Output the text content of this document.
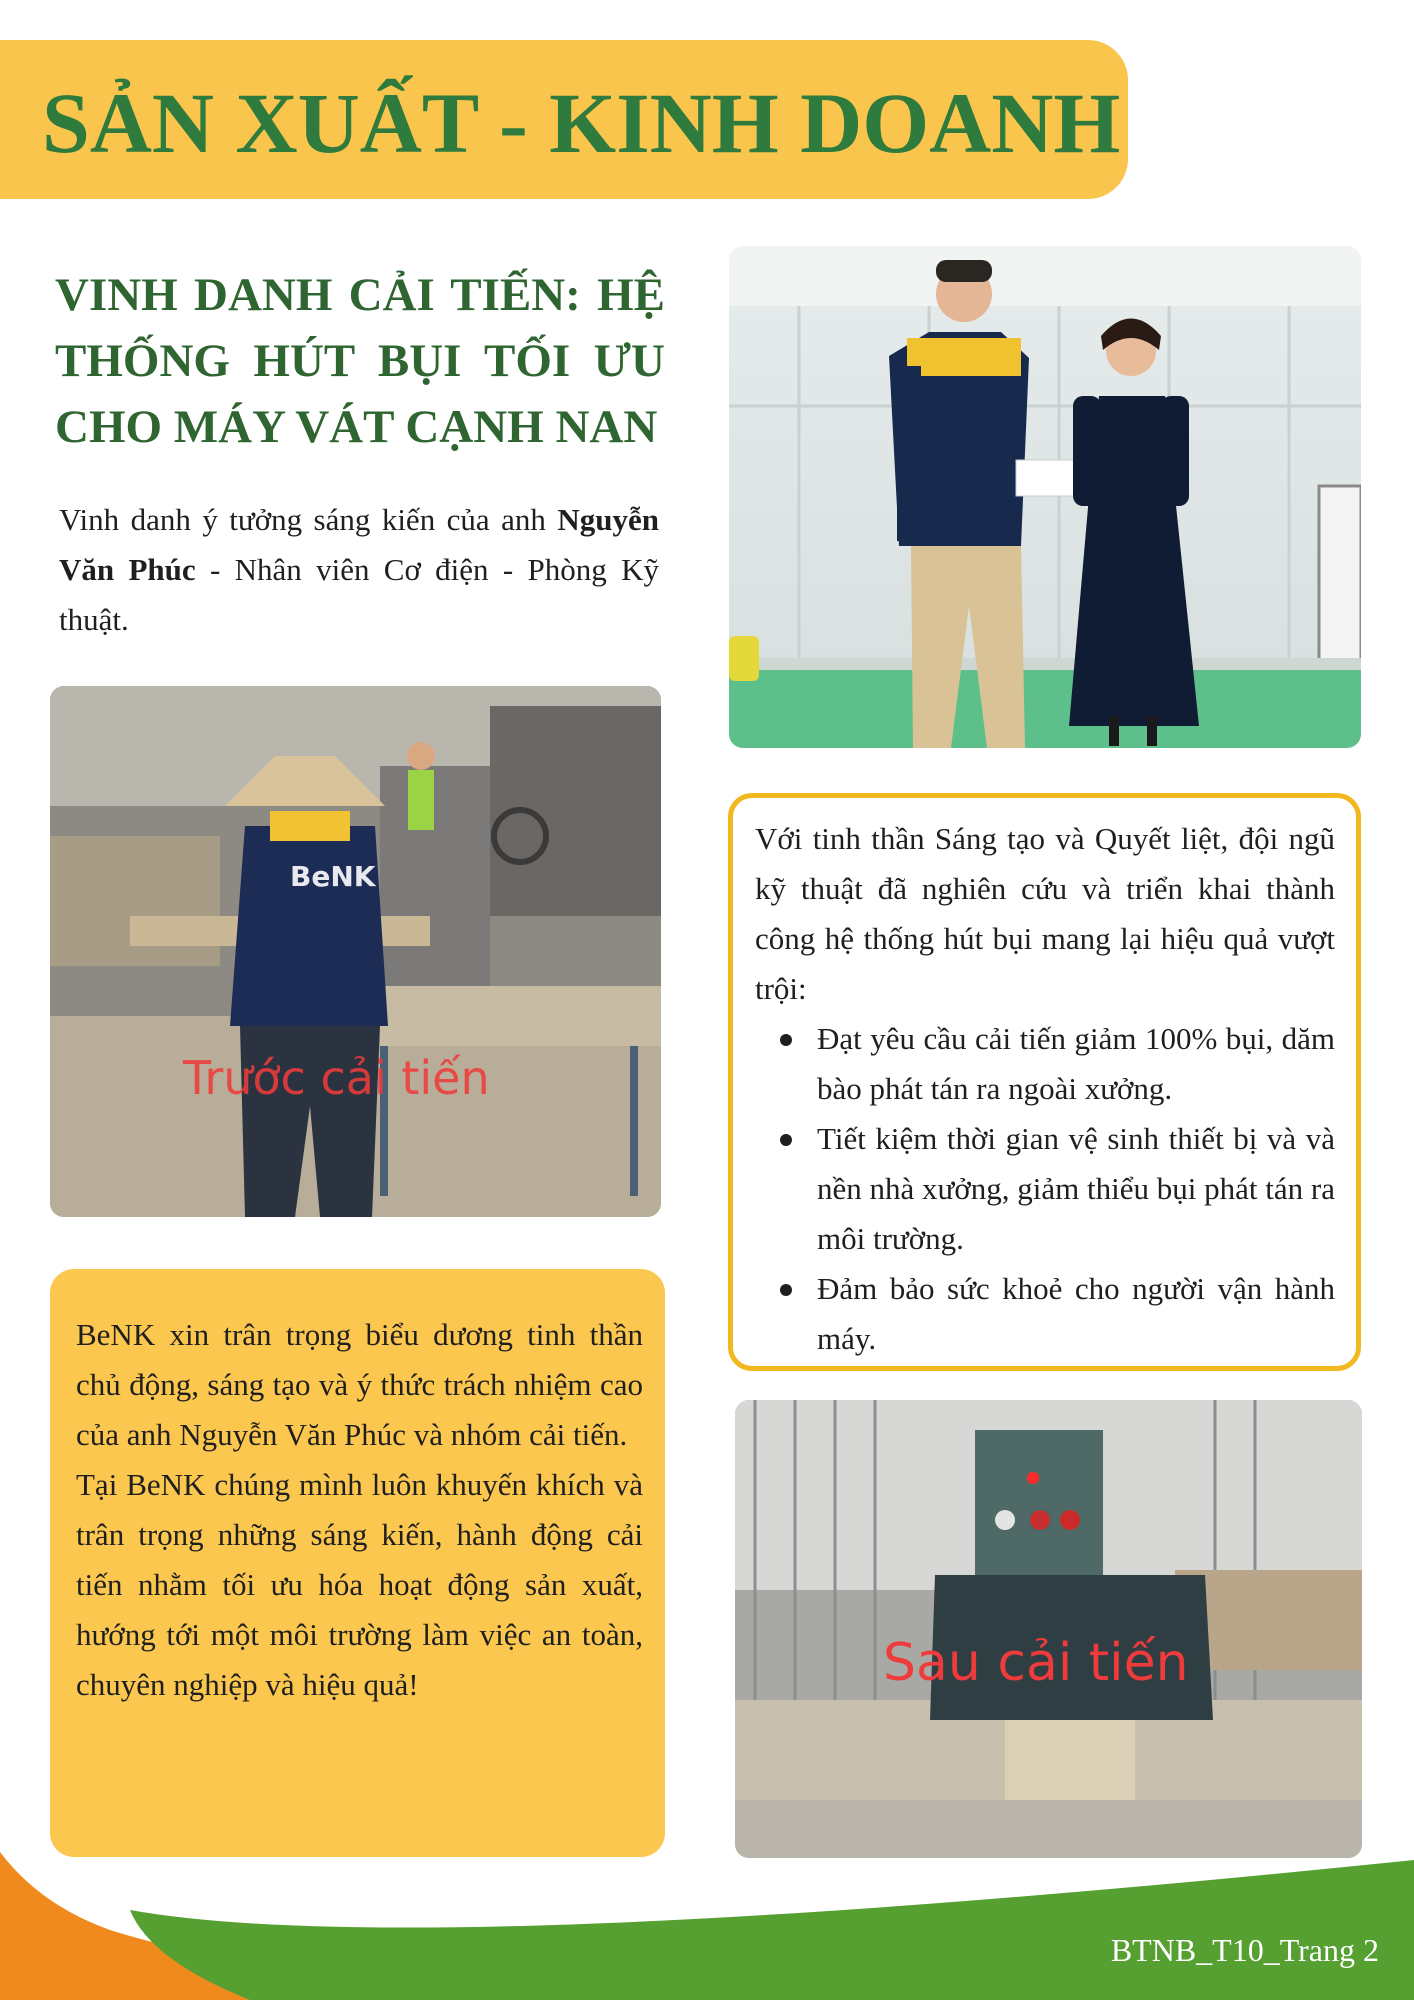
SẢN XUẤT - KINH DOANH
VINH DANH CẢI TIẾN: HỆ THỐNG HÚT BỤI TỐI ƯU CHO MÁY VÁT CẠNH NAN

Vinh danh ý tưởng sáng kiến của anh Nguyễn Văn Phúc - Nhân viên Cơ điện - Phòng Kỹ thuật.

BeNK
Trước cải tiến

Với tinh thần Sáng tạo và Quyết liệt, đội ngũ kỹ thuật đã nghiên cứu và triển khai thành công hệ thống hút bụi mang lại hiệu quả vượt trội:

Đạt yêu cầu cải tiến giảm 100% bụi, dăm bào phát tán ra ngoài xưởng.
Tiết kiệm thời gian vệ sinh thiết bị và và nền nhà xưởng, giảm thiểu bụi phát tán ra môi trường.
Đảm bảo sức khoẻ cho người vận hành máy.
BeNK xin trân trọng biểu dương tinh thần chủ động, sáng tạo và ý thức trách nhiệm cao của anh Nguyễn Văn Phúc và nhóm cải tiến.
Tại BeNK chúng mình luôn khuyến khích và trân trọng những sáng kiến, hành động cải tiến nhằm tối ưu hóa hoạt động sản xuất, hướng tới một môi trường làm việc an toàn, chuyên nghiệp và hiệu quả!	Sau cải tiến

BTNB_T10_Trang 2
